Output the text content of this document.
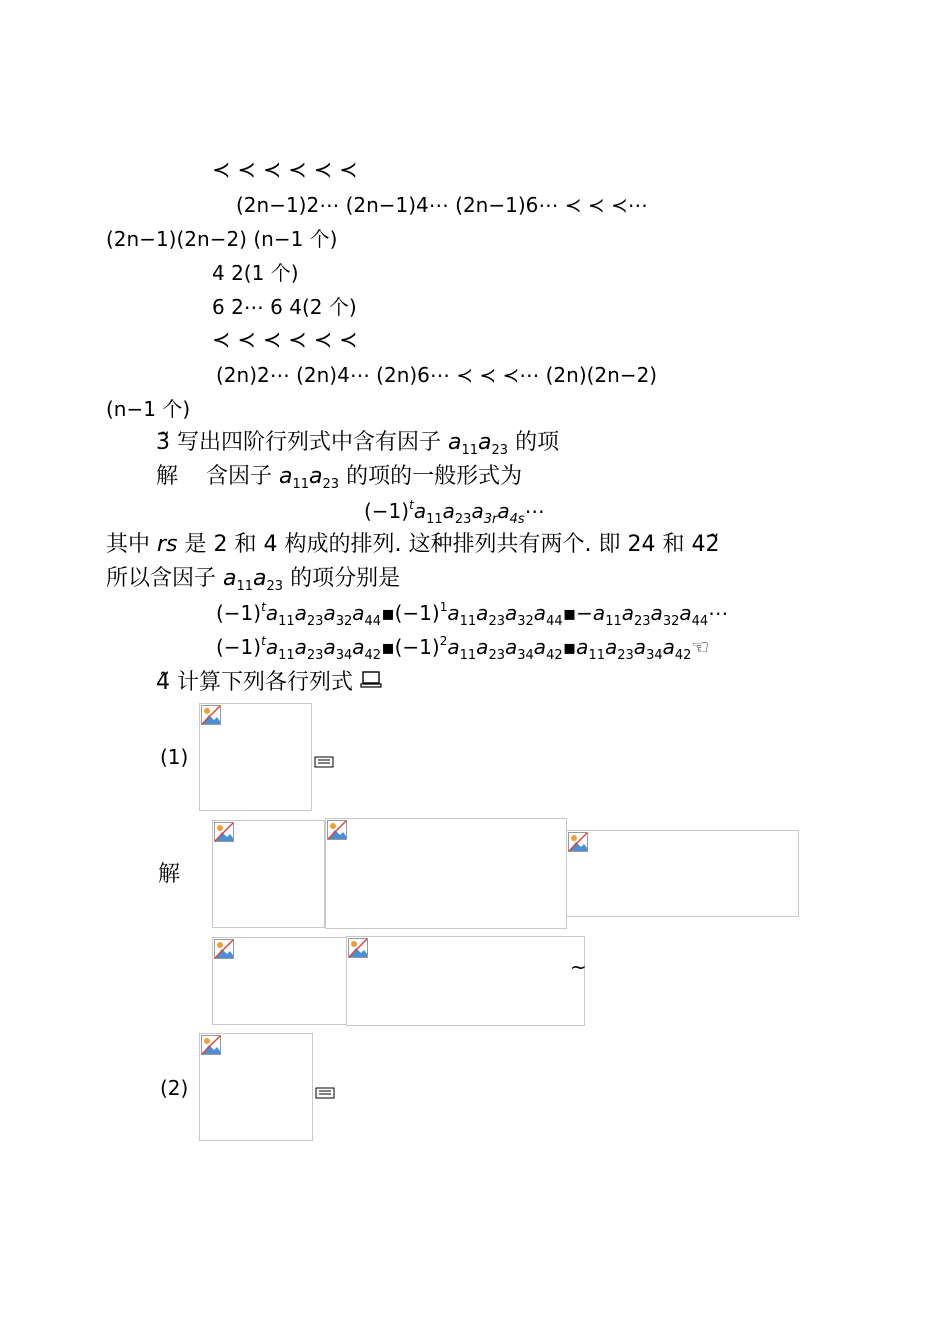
≺ ≺ ≺ ≺ ≺ ≺
(2n−1)2⋯ (2n−1)4⋯ (2n−1)6⋯ ≺ ≺ ≺⋯
(2n−1)(2n−2) (n−1 个)
4 2(1 个)
6 2⋯ 6 4(2 个)
≺ ≺ ≺ ≺ ≺ ≺
(2n)2⋯ (2n)4⋯ (2n)6⋯ ≺ ≺ ≺⋯ (2n)(2n−2)
(n−1 个)
3̃ 写出四阶行列式中含有因子 $a_{11}a_{23}$ 的项
解 含因子 $a_{11}a_{23}$ 的项的一般形式为
$(-1)^ta_{11}a_{23}a_{3r}a_{4s}\cdots$
其中 rs 是 2 和 4 构成的排列. 这种排列共有两个. 即 24 和 42̃
所以含因子 $a_{11}a_{23}$ 的项分别是
$(-1)^ta_{11}a_{23}a_{32}a_{44}▪(-1)^1a_{11}a_{23}a_{32}a_{44}▪-a_{11}a_{23}a_{32}a_{44}\cdots$
$(-1)^ta_{11}a_{23}a_{34}a_{42}▪(-1)^2a_{11}a_{23}a_{34}a_{42}▪a_{11}a_{23}a_{34}a_{42}☜$
4̃ 计算下列各行列式
(1)
解
~
(2)
